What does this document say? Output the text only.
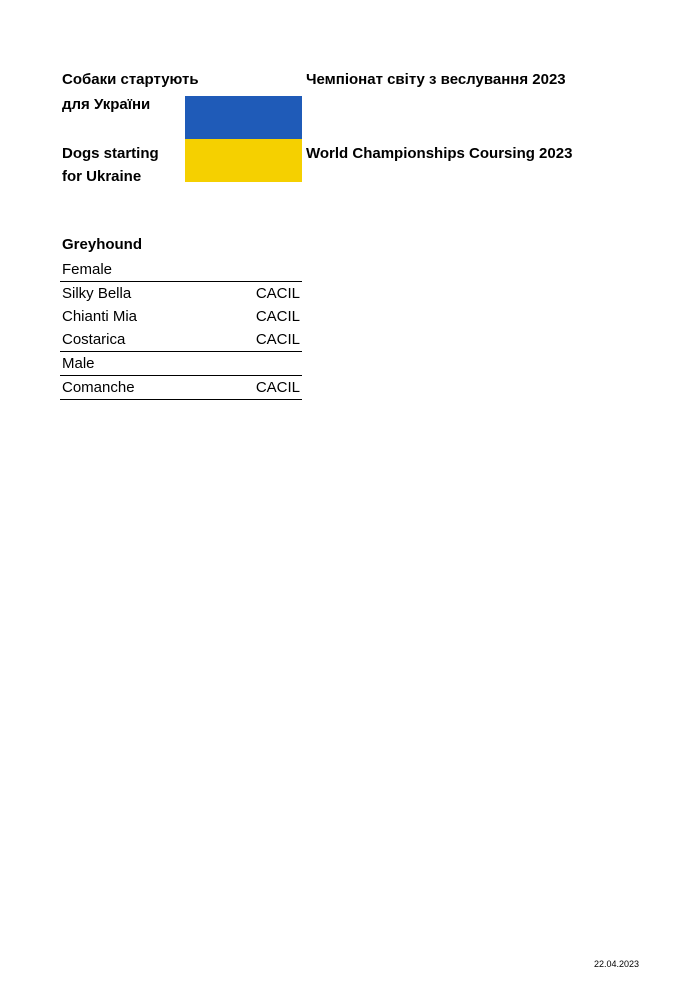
Собаки стартують
для України
Dogs starting
for Ukraine
Чемпіонат світу з веслування 2023
World Championships Coursing 2023
Greyhound
Female
Silky Bella	CACIL
Chianti Mia	CACIL
Costarica	CACIL
Male
Comanche	CACIL
22.04.2023
